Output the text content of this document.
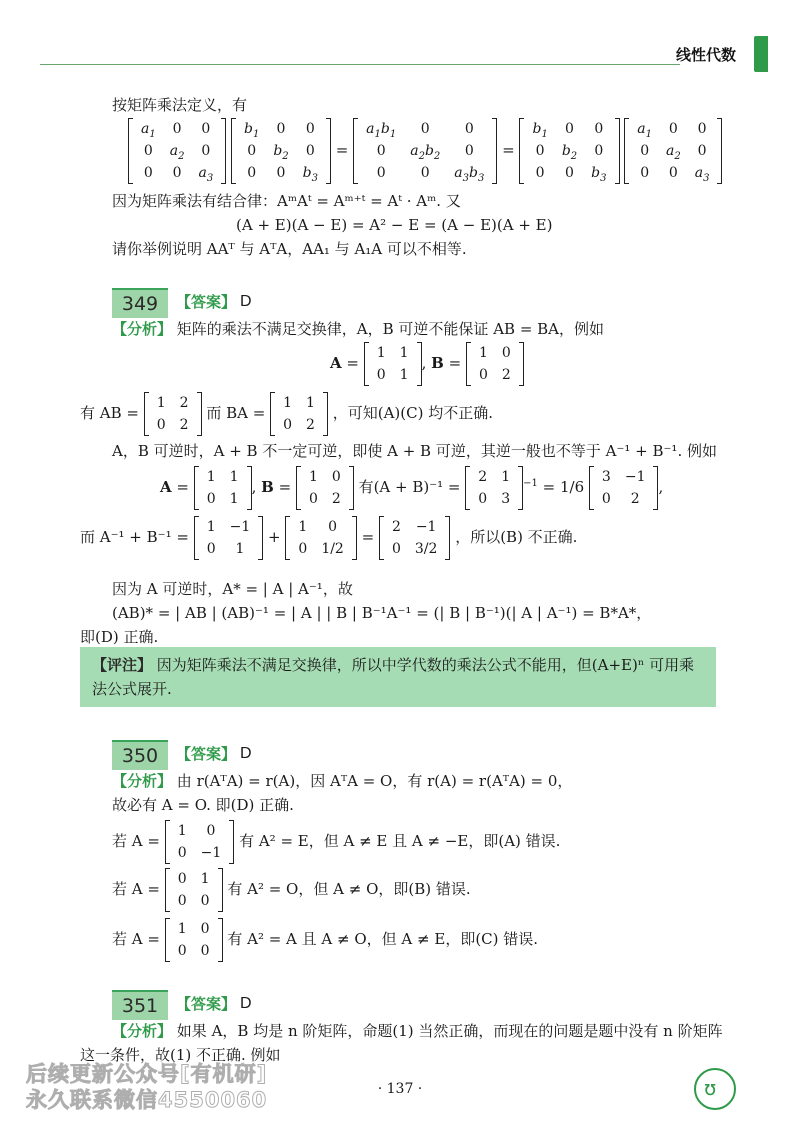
线性代数
按矩阵乘法定义，有
$a_1$	0	0
0	$a_2$	0
0	0	$a_3$

$b_1$	0	0
0	$b_2$	0
0	0	$b_3$
=
$a_1b_1$	0	0
0	$a_2b_2$	0
0	0	$a_3b_3$
=
$b_1$	0	0
0	$b_2$	0
0	0	$b_3$

$a_1$	0	0
0	$a_2$	0
0	0	$a_3$
因为矩阵乘法有结合律：AᵐAᵗ = Aᵐ⁺ᵗ = Aᵗ · Aᵐ. 又
(A + E)(A − E) = A² − E = (A − E)(A + E)
请你举例说明 AAᵀ 与 AᵀA，AA₁ 与 A₁A 可以不相等.
349	【答案】 D
【分析】 矩阵的乘法不满足交换律，A，B 可逆不能保证 AB = BA，例如
A =
1	1
0	1
, B =
1	0
0	2
有 AB =
1	2
0	2
而 BA =
1	1
0	2
，可知(A)(C) 均不正确.
A，B 可逆时，A + B 不一定可逆，即使 A + B 可逆，其逆一般也不等于 A⁻¹ + B⁻¹. 例如
A =
1	1
0	1
, B =
1	0
0	2
有(A + B)⁻¹ =
2	1
0	3
$^{-1}$ = 1/6
3	−1
0	2
,
而 A⁻¹ + B⁻¹ =
1	−1
0	1
+
1	0
0	1/2
=
2	−1
0	3/2
，所以(B) 不正确.
因为 A 可逆时，A* = | A | A⁻¹，故
(AB)* = | AB | (AB)⁻¹ = | A | | B | B⁻¹A⁻¹ = (| B | B⁻¹)(| A | A⁻¹) = B*A*，
即(D) 正确.
【评注】 因为矩阵乘法不满足交换律，所以中学代数的乘法公式不能用，但(A+E)ⁿ 可用乘法公式展开.
350	【答案】 D
【分析】 由 r(AᵀA) = r(A)，因 AᵀA = O，有 r(A) = r(AᵀA) = 0，
故必有 A = O. 即(D) 正确.
若 A =
1	0
0	−1
有 A² = E，但 A ≠ E 且 A ≠ −E，即(A) 错误.
若 A =
0	1
0	0
有 A² = O，但 A ≠ O，即(B) 错误.
若 A =
1	0
0	0
有 A² = A 且 A ≠ O，但 A ≠ E，即(C) 错误.
351	【答案】 D
【分析】 如果 A，B 均是 n 阶矩阵，命题(1) 当然正确，而现在的问题是题中没有 n 阶矩阵
这一条件，故(1) 不正确. 例如
后续更新公众号[有机研]
永久联系微信4550060	· 137 ·	ʊ
